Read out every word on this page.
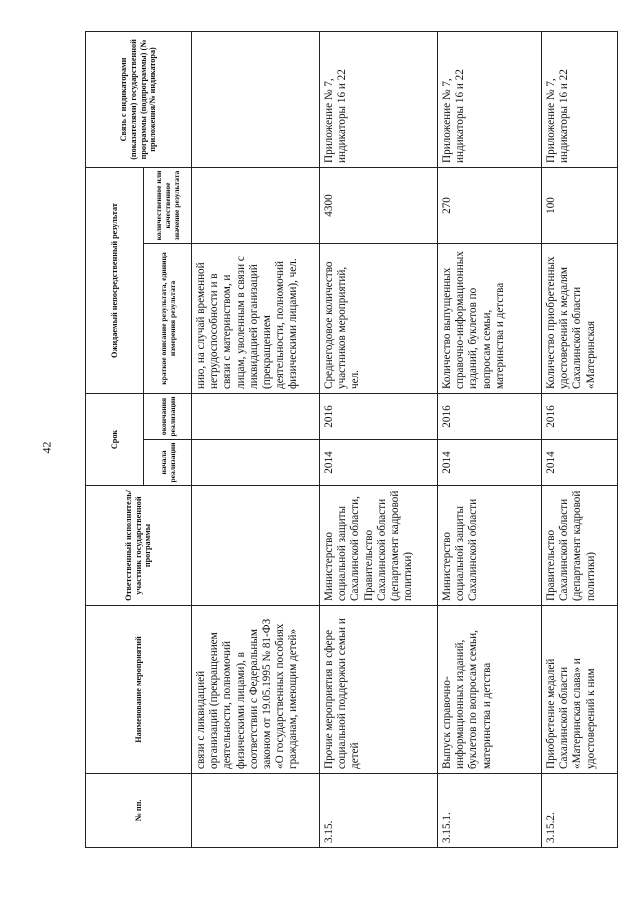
42
№ пп.	Наименование мероприятий	Ответственный исполнитель/участник государственной программы	Срок		Ожидаемый непосредственный результат		Связь с индикаторами (показателями) государственной программы (подпрограммы) (№ приложения/№ индикатора)
			начала реализации	окончания реализации	краткое описание результата, единица измерения результата	количественное или качественное значение результата	
	связи с ликвидацией организаций (прекращением деятельности, полномочий физическими лицами), в соответствии с Федеральным законом от 19.05.1995 № 81-ФЗ «О государственных пособиях гражданам, имеющим детей»				нию, на случай временной нетрудоспособности и в связи с материнством, и лицам, уволенным в связи с ликвидацией организаций (прекращением деятельности, полномочий физическими лицами), чел.		
3.15.	Прочие мероприятия в сфере социальной поддержки семьи и детей	Министерство социальной защиты Сахалинской области, Правительство Сахалинской области (департамент кадровой политики)	2014	2016	Среднегодовое количество участников мероприятий, чел.	4300	Приложение № 7, индикаторы 16 и 22
3.15.1.	Выпуск справочно-информационных изданий, буклетов по вопросам семьи, материнства и детства	Министерство социальной защиты Сахалинской области	2014	2016	Количество выпущенных справочно-информационных изданий, буклетов по вопросам семьи, материнства и детства	270	Приложение № 7, индикаторы 16 и 22
3.15.2.	Приобретение медалей Сахалинской области «Материнская слава» и удостоверений к ним	Правительство Сахалинской области (департамент кадровой политики)	2014	2016	Количество приобретенных удостоверений к медалям Сахалинской области «Материнская	100	Приложение № 7, индикаторы 16 и 22
